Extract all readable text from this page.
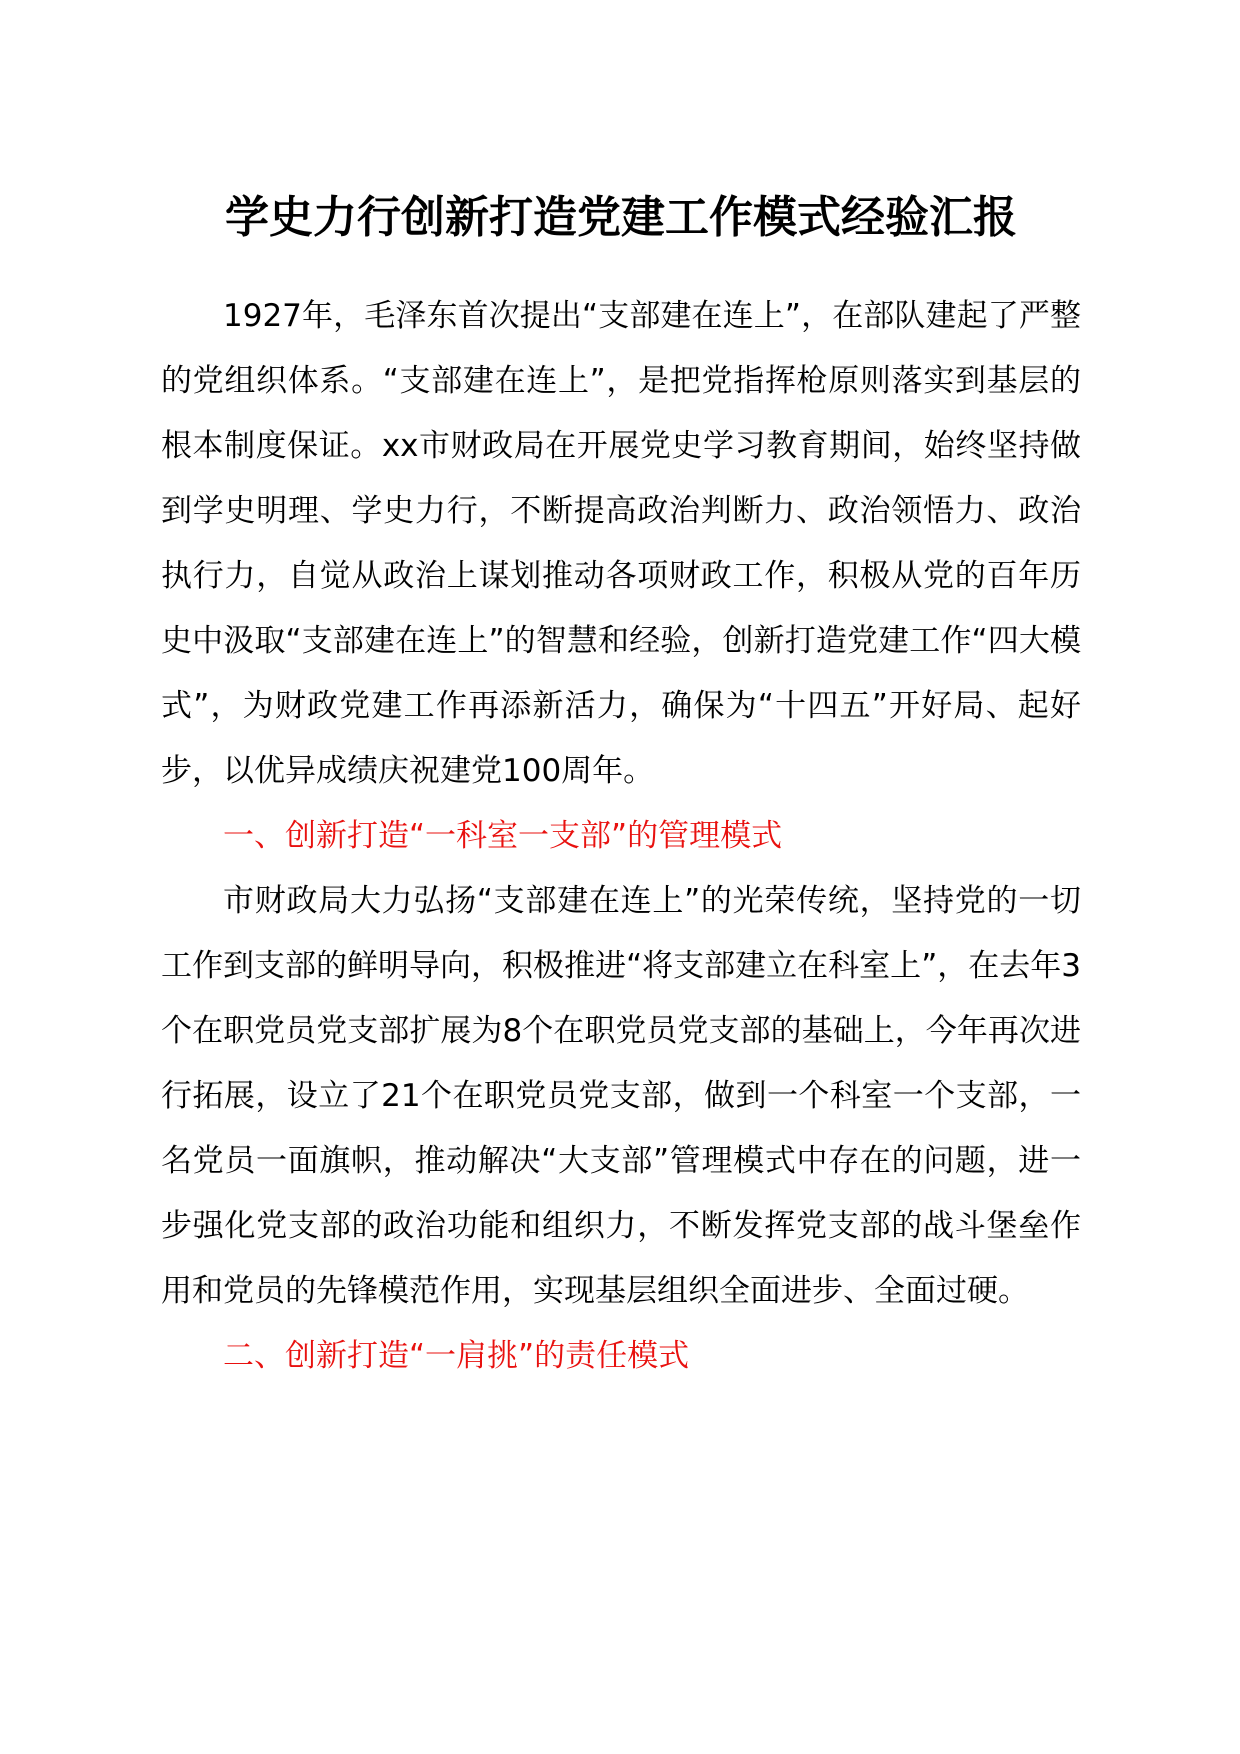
学史力行创新打造党建工作模式经验汇报

1927年，毛泽东首次提出“支部建在连上”，在部队建起了严整的党组织体系。“支部建在连上”，是把党指挥枪原则落实到基层的根本制度保证。xx市财政局在开展党史学习教育期间，始终坚持做到学史明理、学史力行，不断提高政治判断力、政治领悟力、政治执行力，自觉从政治上谋划推动各项财政工作，积极从党的百年历史中汲取“支部建在连上”的智慧和经验，创新打造党建工作“四大模式”，为财政党建工作再添新活力，确保为“十四五”开好局、起好步，以优异成绩庆祝建党100周年。

一、创新打造“一科室一支部”的管理模式

市财政局大力弘扬“支部建在连上”的光荣传统，坚持党的一切工作到支部的鲜明导向，积极推进“将支部建立在科室上”，在去年3个在职党员党支部扩展为8个在职党员党支部的基础上，今年再次进行拓展，设立了21个在职党员党支部，做到一个科室一个支部，一名党员一面旗帜，推动解决“大支部”管理模式中存在的问题，进一步强化党支部的政治功能和组织力，不断发挥党支部的战斗堡垒作用和党员的先锋模范作用，实现基层组织全面进步、全面过硬。

二、创新打造“一肩挑”的责任模式
